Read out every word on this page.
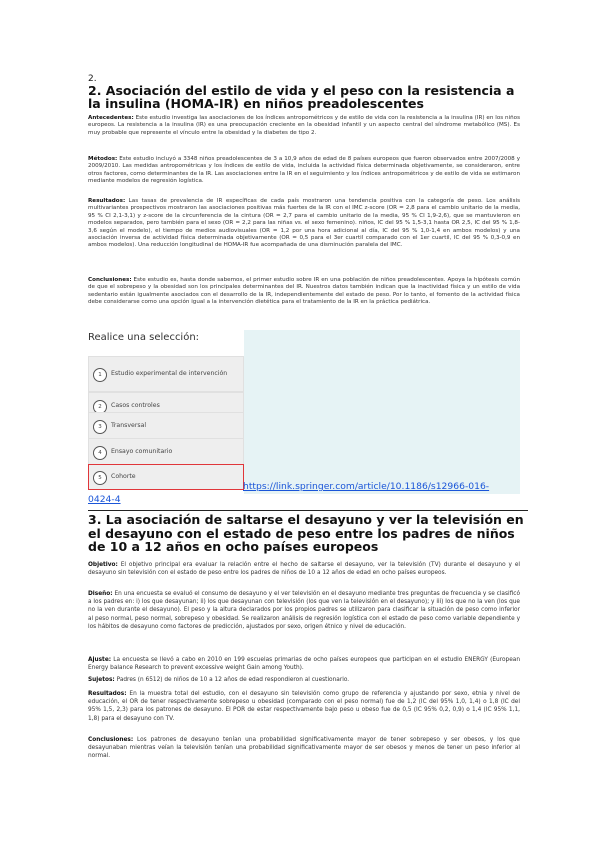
2.
2. Asociación del estilo de vida y el peso con la resistencia a la insulina (HOMA-IR) en niños preadolescentes
Antecedentes: Este estudio investiga las asociaciones de los índices antropométricos y de estilo de vida con la resistencia a la insulina (IR) en los niños europeos. La resistencia a la insulina (IR) es una preocupación creciente en la obesidad infantil y un aspecto central del síndrome metabólico (MS). Es muy probable que represente el vínculo entre la obesidad y la diabetes de tipo 2.
Métodos: Este estudio incluyó a 3348 niños preadolescentes de 3 a 10,9 años de edad de 8 países europeos que fueron observados entre 2007/2008 y 2009/2010. Las medidas antropométricas y los índices de estilo de vida, incluida la actividad física determinada objetivamente, se consideraron, entre otros factores, como determinantes de la IR. Las asociaciones entre la IR en el seguimiento y los índices antropométricos y de estilo de vida se estimaron mediante modelos de regresión logística.
Resultados: Las tasas de prevalencia de IR específicas de cada país mostraron una tendencia positiva con la categoría de peso. Los análisis multivariantes prospectivos mostraron las asociaciones positivas más fuertes de la IR con el IMC z-score (OR = 2,8 para el cambio unitario de la media, 95 % CI 2,1-3,1) y z-score de la circunferencia de la cintura (OR = 2,7 para el cambio unitario de la media, 95 % CI 1,9-2,6), que se mantuvieron en modelos separados, pero también para el sexo (OR = 2,2 para las niñas vs. el sexo femenino). niños, IC del 95 % 1,5-3,1 hasta OR 2,5, IC del 95 % 1,8-3,6 según el modelo), el tiempo de medios audiovisuales (OR = 1,2 por una hora adicional al día, IC del 95 % 1,0-1,4 en ambos modelos) y una asociación inversa de actividad física determinada objetivamente (OR = 0,5 para el 3er cuartil comparado con el 1er cuartil, IC del 95 % 0,3-0,9 en ambos modelos). Una reducción longitudinal de HOMA-IR fue acompañada de una disminución paralela del IMC.
Conclusiones: Este estudio es, hasta donde sabemos, el primer estudio sobre IR en una población de niños preadolescentes. Apoya la hipótesis común de que el sobrepeso y la obesidad son los principales determinantes del IR. Nuestros datos también indican que la inactividad física y un estilo de vida sedentario están igualmente asociados con el desarrollo de la IR, independientemente del estado de peso. Por lo tanto, el fomento de la actividad física debe considerarse como una opción igual a la intervención dietética para el tratamiento de la IR en la práctica pediátrica.
Realice una selección:
1	Estudio experimental de intervención
2	Casos controles
3	Transversal
4	Ensayo comunitario
5	Cohorte
https://link.springer.com/article/10.1186/s12966-016-
0424-4
3. La asociación de saltarse el desayuno y ver la televisión en el desayuno con el estado de peso entre los padres de niños de 10 a 12 años en ocho países europeos
Objetivo: El objetivo principal era evaluar la relación entre el hecho de saltarse el desayuno, ver la televisión (TV) durante el desayuno y el desayuno sin televisión con el estado de peso entre los padres de niños de 10 a 12 años de edad en ocho países europeos.
Diseño: En una encuesta se evaluó el consumo de desayuno y el ver televisión en el desayuno mediante tres preguntas de frecuencia y se clasificó a los padres en: i) los que desayunan; ii) los que desayunan con televisión (los que ven la televisión en el desayuno); y iii) los que no la ven (los que no la ven durante el desayuno). El peso y la altura declarados por los propios padres se utilizaron para clasificar la situación de peso como inferior al peso normal, peso normal, sobrepeso y obesidad. Se realizaron análisis de regresión logística con el estado de peso como variable dependiente y los hábitos de desayuno como factores de predicción, ajustados por sexo, origen étnico y nivel de educación.
Ajuste: La encuesta se llevó a cabo en 2010 en 199 escuelas primarias de ocho países europeos que participan en el estudio ENERGY (European Energy balance Research to prevent excessive weight Gain among Youth).
Sujetos: Padres (n 6512) de niños de 10 a 12 años de edad respondieron al cuestionario.
Resultados: En la muestra total del estudio, con el desayuno sin televisión como grupo de referencia y ajustando por sexo, etnia y nivel de educación, el OR de tener respectivamente sobrepeso u obesidad (comparado con el peso normal) fue de 1,2 (IC del 95% 1,0, 1,4) o 1,8 (IC del 95% 1,5, 2,3) para los patrones de desayuno. El POR de estar respectivamente bajo peso u obeso fue de 0,5 (IC 95% 0,2, 0,9) o 1,4 (IC 95% 1,1, 1,8) para el desayuno con TV.
Conclusiones: Los patrones de desayuno tenían una probabilidad significativamente mayor de tener sobrepeso y ser obesos, y los que desayunaban mientras veían la televisión tenían una probabilidad significativamente mayor de ser obesos y menos de tener un peso inferior al normal.
